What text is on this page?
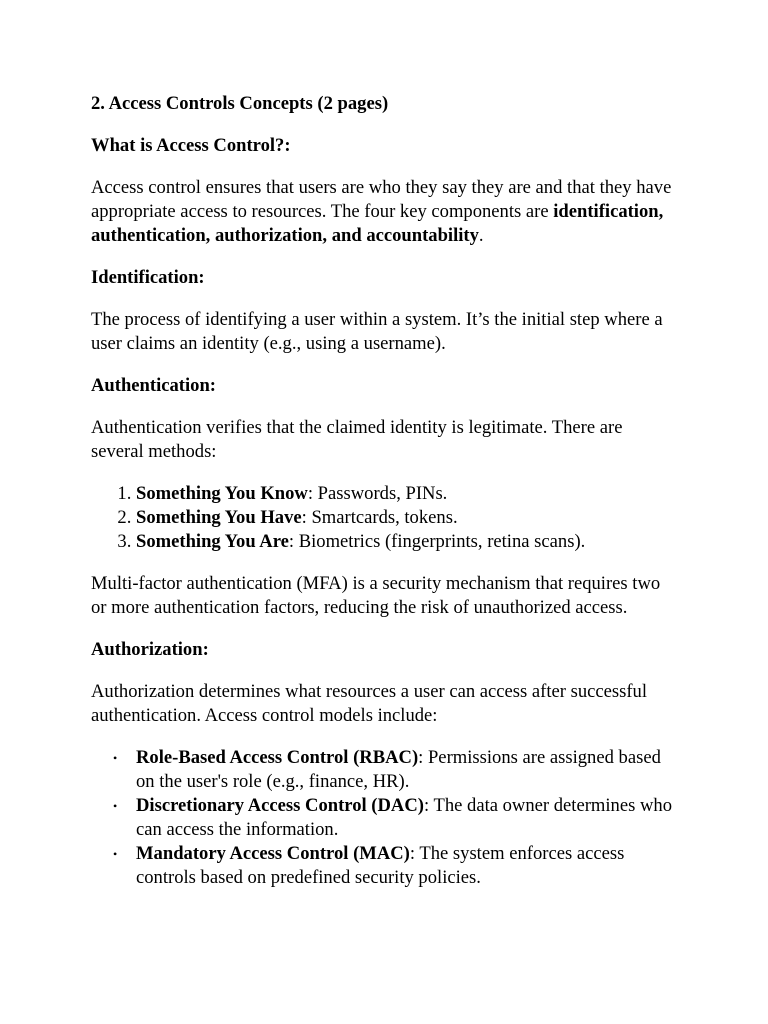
2. Access Controls Concepts (2 pages)
What is Access Control?:

Access control ensures that users are who they say they are and that they have appropriate access to resources. The four key components are identification, authentication, authorization, and accountability.

Identification:

The process of identifying a user within a system. It’s the initial step where a user claims an identity (e.g., using a username).

Authentication:

Authentication verifies that the claimed identity is legitimate. There are several methods:

1. Something You Know: Passwords, PINs.
2. Something You Have: Smartcards, tokens.
3. Something You Are: Biometrics (fingerprints, retina scans).

Multi-factor authentication (MFA) is a security mechanism that requires two or more authentication factors, reducing the risk of unauthorized access.

Authorization:

Authorization determines what resources a user can access after successful authentication. Access control models include:

• Role-Based Access Control (RBAC): Permissions are assigned based on the user's role (e.g., finance, HR).
• Discretionary Access Control (DAC): The data owner determines who can access the information.
• Mandatory Access Control (MAC): The system enforces access controls based on predefined security policies.
